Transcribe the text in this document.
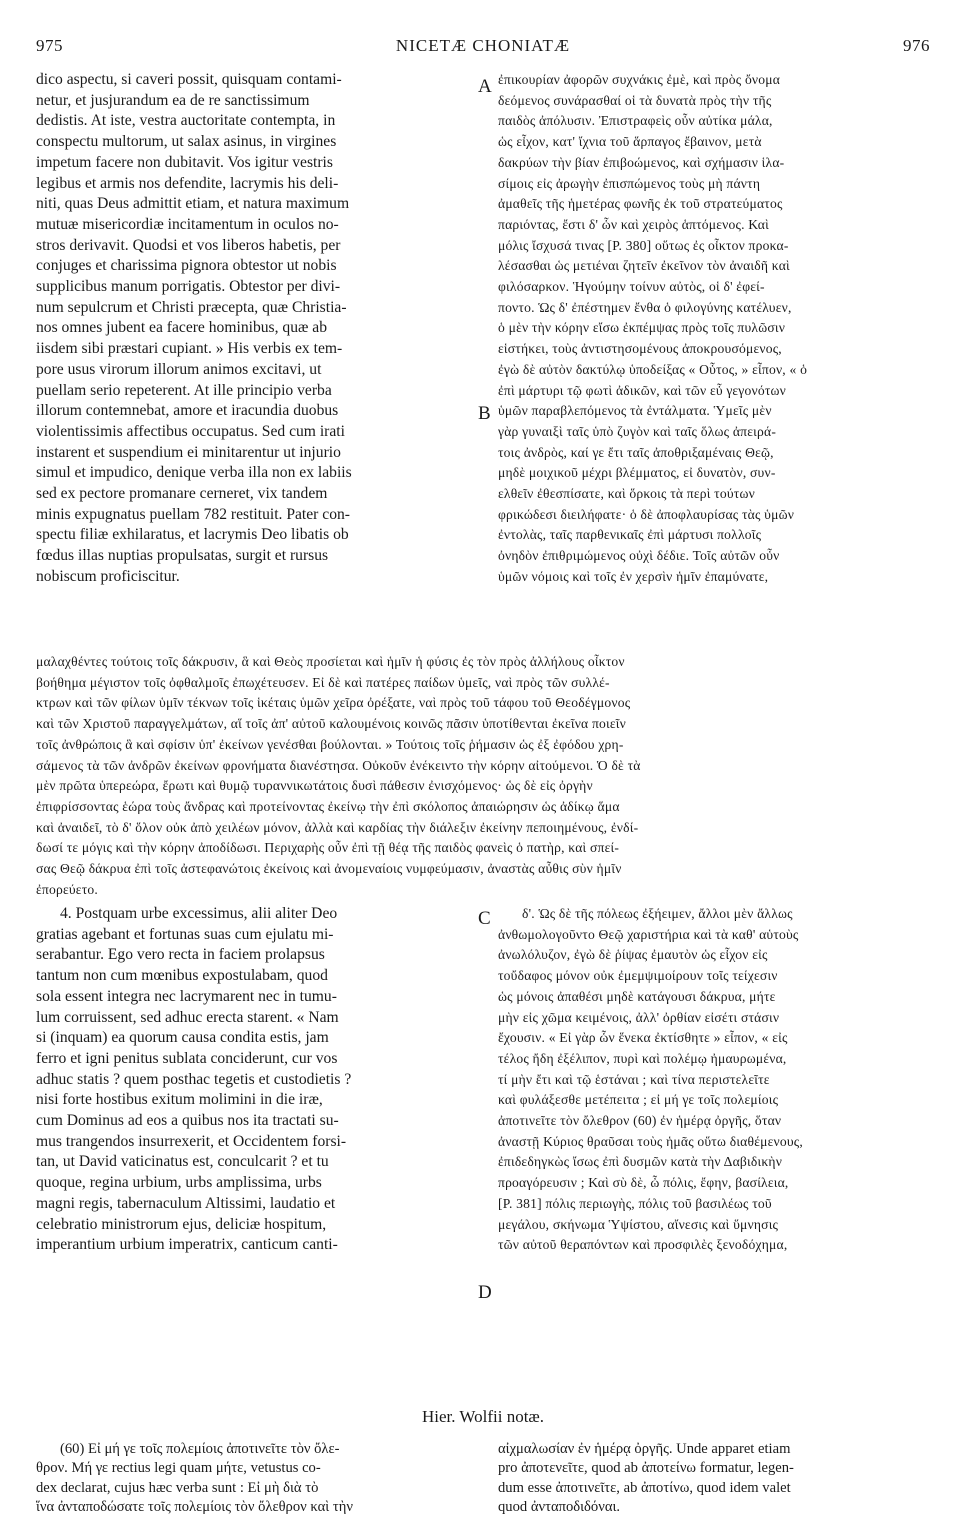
975	NICETÆ CHONIATÆ	976

dico aspectu, si caveri possit, quisquam contami-

netur, et jusjurandum ea de re sanctissimum

dedistis. At iste, vestra auctoritate contempta, in

conspectu multorum, ut salax asinus, in virgines

impetum facere non dubitavit. Vos igitur vestris

legibus et armis nos defendite, lacrymis his deli-

niti, quas Deus admittit etiam, et natura maximum

mutuæ misericordiæ incitamentum in oculos no-

stros derivavit. Quodsi et vos liberos habetis, per

conjuges et charissima pignora obtestor ut nobis

supplicibus manum porrigatis. Obtestor per divi-

num sepulcrum et Christi præcepta, quæ Christia-

nos omnes jubent ea facere hominibus, quæ ab

iisdem sibi præstari cupiant. » His verbis ex tem-

pore usus virorum illorum animos excitavi, ut

puellam serio repeterent. At ille principio verba

illorum contemnebat, amore et iracundia duobus

violentissimis affectibus occupatus. Sed cum irati

instarent et suspendium ei minitarentur ut injurio

simul et impudico, denique verba illa non ex labiis

sed ex pectore promanare cerneret, vix tandem

minis expugnatus puellam 782 restituit. Pater con-

spectu filiæ exhilaratus, et lacrymis Deo libatis ob

fœdus illas nuptias propulsatas, surgit et rursus

nobiscum proficiscitur.

ἐπικουρίαν ἀφορῶν συχνάκις ἐμὲ, καὶ πρὸς ὄνομα

δεόμενος συνάρασθαί οἱ τὰ δυνατὰ πρὸς τὴν τῆς

παιδὸς ἀπόλυσιν. Ἐπιστραφεὶς οὖν αὐτίκα μάλα,

ὡς εἶχον, κατ' ἴχνια τοῦ ἅρπαγος ἔβαινον, μετὰ

δακρύων τὴν βίαν ἐπιβοώμενος, καὶ σχήμασιν ἱλα-

σίμοις εἰς ἀρωγὴν ἐπισπώμενος τοὺς μὴ πάντη

ἀμαθεῖς τῆς ἡμετέρας φωνῆς ἐκ τοῦ στρατεύματος

παριόντας, ἔστι δ' ὧν καὶ χειρὸς ἁπτόμενος. Καὶ

μόλις ἴσχυσά τινας [P. 380] οὕτως ἐς οἶκτον προκα-

λέσασθαι ὡς μετιέναι ζητεῖν ἐκεῖνον τὸν ἀναιδῆ καὶ

φιλόσαρκον. Ἡγούμην τοίνυν αὐτὸς, οἱ δ' ἐφεί-

ποντο. Ὡς δ' ἐπέστημεν ἔνθα ὁ φιλογύνης κατέλυεν,

ὁ μὲν τὴν κόρην εἴσω ἐκπέμψας πρὸς τοῖς πυλῶσιν

εἱστήκει, τοὺς ἀντιστησομένους ἀποκρουσόμενος,

ἐγὼ δὲ αὐτὸν δακτύλῳ ὑποδείξας « Οὗτος, » εἶπον, « ὁ

ἐπὶ μάρτυρι τῷ φωτὶ ἀδικῶν, καὶ τῶν εὖ γεγονότων

ὑμῶν παραβλεπόμενος τὰ ἐντάλματα. Ὑμεῖς μὲν

γὰρ γυναιξὶ ταῖς ὑπὸ ζυγὸν καὶ ταῖς ὅλως ἀπειρά-

τοις ἀνδρὸς, καί γε ἔτι ταῖς ἀποθριξαμέναις Θεῷ,

μηδὲ μοιχικοῦ μέχρι βλέμματος, εἰ δυνατὸν, συν-

ελθεῖν ἐθεσπίσατε, καὶ ὅρκοις τὰ περὶ τούτων

φρικώδεσι διειλήφατε· ὁ δὲ ἀποφλαυρίσας τὰς ὑμῶν

ἐντολὰς, ταῖς παρθενικαῖς ἐπὶ μάρτυσι πολλοῖς

ὀνηδὸν ἐπιθριμώμενος οὐχὶ δέδιε. Τοῖς αὐτῶν οὖν

ὑμῶν νόμοις καὶ τοῖς ἐν χερσὶν ἡμῖν ἐπαμύνατε,

A
B

μαλαχθέντες τούτοις τοῖς δάκρυσιν, ἃ καὶ Θεὸς προσίεται καὶ ἡμῖν ἡ φύσις ἐς τὸν πρὸς ἀλλήλους οἶκτον

βοήθημα μέγιστον τοῖς ὀφθαλμοῖς ἐπωχέτευσεν. Εἰ δὲ καὶ πατέρες παίδων ὑμεῖς, ναὶ πρὸς τῶν συλλέ-

κτρων καὶ τῶν φίλων ὑμῖν τέκνων τοῖς ἱκέταις ὑμῶν χεῖρα ὀρέξατε, ναὶ πρὸς τοῦ τάφου τοῦ Θεοδέγμονος

καὶ τῶν Χριστοῦ παραγγελμάτων, αἵ τοῖς ἀπ' αὐτοῦ καλουμένοις κοινῶς πᾶσιν ὑποτίθενται ἐκεῖνα ποιεῖν

τοῖς ἀνθρώποις ἃ καὶ σφίσιν ὑπ' ἐκείνων γενέσθαι βούλονται. » Τούτοις τοῖς ῥήμασιν ὡς ἐξ ἐφόδου χρη-

σάμενος τὰ τῶν ἀνδρῶν ἐκείνων φρονήματα διανέστησα. Οὐκοῦν ἐνέκειντο τὴν κόρην αἰτούμενοι. Ὁ δὲ τὰ

μὲν πρῶτα ὑπερεώρα, ἔρωτι καὶ θυμῷ τυραννικωτάτοις δυσὶ πάθεσιν ἐνισχόμενος· ὡς δὲ εἰς ὀργὴν

ἐπιφρίσσοντας ἑώρα τοὺς ἄνδρας καὶ προτείνοντας ἐκείνῳ τὴν ἐπὶ σκόλοπος ἀπαιώρησιν ὡς ἀδίκῳ ἅμα

καὶ ἀναιδεῖ, τὸ δ' ὅλον οὐκ ἀπὸ χειλέων μόνον, ἀλλὰ καὶ καρδίας τὴν διάλεξιν ἐκείνην πεποιημένους, ἐνδί-

δωσί τε μόγις καὶ τὴν κόρην ἀποδίδωσι. Περιχαρὴς οὖν ἐπὶ τῇ θέᾳ τῆς παιδὸς φανεὶς ὁ πατὴρ, καὶ σπεί-

σας Θεῷ δάκρυα ἐπὶ τοῖς ἀστεφανώτοις ἐκείνοις καὶ ἀνομεναίοις νυμφεύμασιν, ἀναστὰς αὖθις σὺν ἡμῖν

ἐπορεύετο.

4. Postquam urbe excessimus, alii aliter Deo

gratias agebant et fortunas suas cum ejulatu mi-

serabantur. Ego vero recta in faciem prolapsus

tantum non cum mœnibus expostulabam, quod

sola essent integra nec lacrymarent nec in tumu-

lum corruissent, sed adhuc erecta starent. « Nam

si (inquam) ea quorum causa condita estis, jam

ferro et igni penitus sublata conciderunt, cur vos

adhuc statis ? quem posthac tegetis et custodietis ?

nisi forte hostibus exitum molimini in die iræ,

cum Dominus ad eos a quibus nos ita tractati su-

mus trangendos insurrexerit, et Occidentem forsi-

tan, ut David vaticinatus est, conculcarit ? et tu

quoque, regina urbium, urbs amplissima, urbs

magni regis, tabernaculum Altissimi, laudatio et

celebratio ministrorum ejus, deliciæ hospitum,

imperantium urbium imperatrix, canticum canti-

δ'. Ὡς δὲ τῆς πόλεως ἐξήειμεν, ἄλλοι μὲν ἄλλως

ἀνθωμολογοῦντο Θεῷ χαριστήρια καὶ τὰ καθ' αὑτοὺς

ἀνωλόλυζον, ἐγὼ δὲ ῥίψας ἐμαυτὸν ὡς εἶχον εἰς

τοὔδαφος μόνον οὐκ ἐμεμψιμοίρουν τοῖς τείχεσιν

ὡς μόνοις ἀπαθέσι μηδὲ κατάγουσι δάκρυα, μήτε

μὴν εἰς χῶμα κειμένοις, ἀλλ' ὀρθίαν εἰσέτι στάσιν

ἔχουσιν. « Εἰ γὰρ ὧν ἕνεκα ἐκτίσθητε » εἶπον, « εἰς

τέλος ἤδη ἐξέλιπον, πυρὶ καὶ πολέμῳ ἠμαυρωμένα,

τί μὴν ἔτι καὶ τῷ ἑστάναι ; καὶ τίνα περιστελεῖτε

καὶ φυλάξεσθε μετέπειτα ; εἰ μή γε τοῖς πολεμίοις

ἀποτινεῖτε τὸν ὄλεθρον (60) ἐν ἡμέρᾳ ὀργῆς, ὅταν

ἀναστῇ Κύριος θραῦσαι τοὺς ἡμᾶς οὕτω διαθέμενους,

ἐπιδεδηγκὼς ἴσως ἐπὶ δυσμῶν κατὰ τὴν Δαβιδικὴν

προαγόρευσιν ; Καὶ σὺ δὲ, ὦ πόλις, ἔφην, βασίλεια,

[P. 381] πόλις περιωγὴς, πόλις τοῦ βασιλέως τοῦ

μεγάλου, σκήνωμα Ὑψίστου, αἴνεσις καὶ ὕμνησις

τῶν αὐτοῦ θεραπόντων καὶ προσφιλὲς ξενοδόχημα,

C
D
Hier. Wolfii notæ.

(60) Εἰ μή γε τοῖς πολεμίοις ἀποτινεῖτε τὸν ὄλε-

θρον. Μή γε rectius legi quam μήτε, vetustus co-

dex declarat, cujus hæc verba sunt : Εἰ μὴ διὰ τὸ

ἵνα ἀνταποδώσατε τοῖς πολεμίοις τὸν ὄλεθρον καὶ τὴν

αἰχμαλωσίαν ἐν ἡμέρᾳ ὀργῆς. Unde apparet etiam

pro ἀποτενεῖτε, quod ab ἀποτείνω formatur, legen-

dum esse ἀποτινεῖτε, ab ἀποτίνω, quod idem valet

quod ἀνταποδιδόναι.
